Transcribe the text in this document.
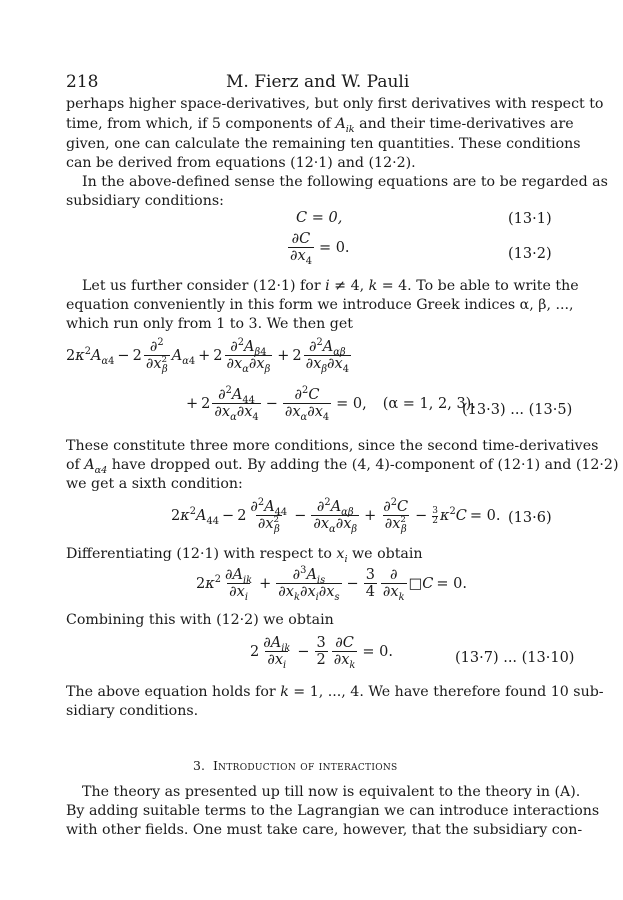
218	M. Fierz and W. Pauli
perhaps higher space-derivatives, but only first derivatives with respect to
time, from which, if 5 components of $A_{ik}$ and their time-derivatives are
given, one can calculate the remaining ten quantities. These conditions
can be derived from equations (12·1) and (12·2).
In the above-defined sense the following equations are to be regarded as
subsidiary conditions:
C = 0,	(13·1)
$\frac{\partial C}{\partial x_4} = 0$.	(13·2)
Let us further consider (12·1) for i ≠ 4, k = 4. To be able to write the
equation conveniently in this form we introduce Greek indices α, β, ...,
which run only from 1 to 3. We then get
$2\kappa^2A_{\alpha 4} - 2 \frac{\partial^2}{\partial x^2_\beta} A_{\alpha 4} + 2 \frac{\partial^2A_{\beta 4}}{\partial x_\alpha\partial x_\beta} + 2 \frac{\partial^2A_{\alpha\beta}}{\partial x_\beta\partial x_4}$
+ $2 \frac{\partial^2A_{44}}{\partial x_\alpha\partial x_4} - \frac{\partial^2C}{\partial x_\alpha\partial x_4} = 0$, (α = 1, 2, 3).
(13·3) ... (13·5)
These constitute three more conditions, since the second time-derivatives
of $A_{\alpha 4}$ have dropped out. By adding the (4, 4)-component of (12·1) and (12·2)
we get a sixth condition:
$2\kappa^2A_{44} - 2 \frac{\partial^2A_{44}}{\partial x^2_\beta} - \frac{\partial^2A_{\alpha\beta}}{\partial x_\alpha\partial x_\beta} + \frac{\partial^2C}{\partial x^2_\beta} - \frac{3}{2} \kappa^2C = 0$. (13·6)
Differentiating (12·1) with respect to $x_i$ we obtain
$2\kappa^2 \frac{\partial A_{ik}}{\partial x_i} + \frac{\partial^3A_{is}}{\partial x_k\partial x_i\partial x_s} - \frac{3}{4} \frac{\partial}{\partial x_k}$ □C = 0.
Combining this with (12·2) we obtain
$2 \frac{\partial A_{ik}}{\partial x_i} - \frac{3}{2} \frac{\partial C}{\partial x_k} = 0$.	(13·7) ... (13·10)
The above equation holds for k = 1, ..., 4. We have therefore found 10 sub-
sidiary conditions.
3. Introduction of interactions
The theory as presented up till now is equivalent to the theory in (A).
By adding suitable terms to the Lagrangian we can introduce interactions
with other fields. One must take care, however, that the subsidiary con-
